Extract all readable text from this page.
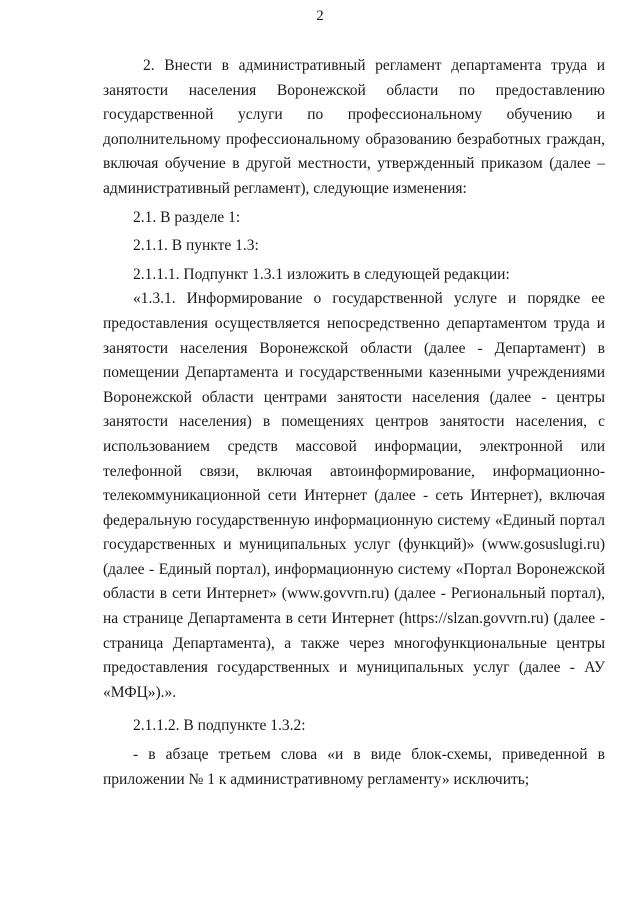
2

2. Внести в административный регламент департамента труда и занятости населения Воронежской области по предоставлению государственной услуги по профессиональному обучению и дополнительному профессиональному образованию безработных граждан, включая обучение в другой местности, утвержденный приказом (далее – административный регламент), следующие изменения:

2.1. В разделе 1:

2.1.1. В пункте 1.3:

2.1.1.1. Подпункт 1.3.1 изложить в следующей редакции:

«1.3.1. Информирование о государственной услуге и порядке ее предоставления осуществляется непосредственно департаментом труда и занятости населения Воронежской области (далее - Департамент) в помещении Департамента и государственными казенными учреждениями Воронежской области центрами занятости населения (далее - центры занятости населения) в помещениях центров занятости населения, с использованием средств массовой информации, электронной или телефонной связи, включая автоинформирование, информационно-телекоммуникационной сети Интернет (далее - сеть Интернет), включая федеральную государственную информационную систему «Единый портал государственных и муниципальных услуг (функций)» (www.gosuslugi.ru) (далее - Единый портал), информационную систему «Портал Воронежской области в сети Интернет» (www.govvrn.ru) (далее - Региональный портал), на странице Департамента в сети Интернет (https://slzan.govvrn.ru) (далее - страница Департамента), а также через многофункциональные центры предоставления государственных и муниципальных услуг (далее - АУ «МФЦ»).».

2.1.1.2. В подпункте 1.3.2:

- в абзаце третьем слова «и в виде блок-схемы, приведенной в приложении № 1 к административному регламенту» исключить;
